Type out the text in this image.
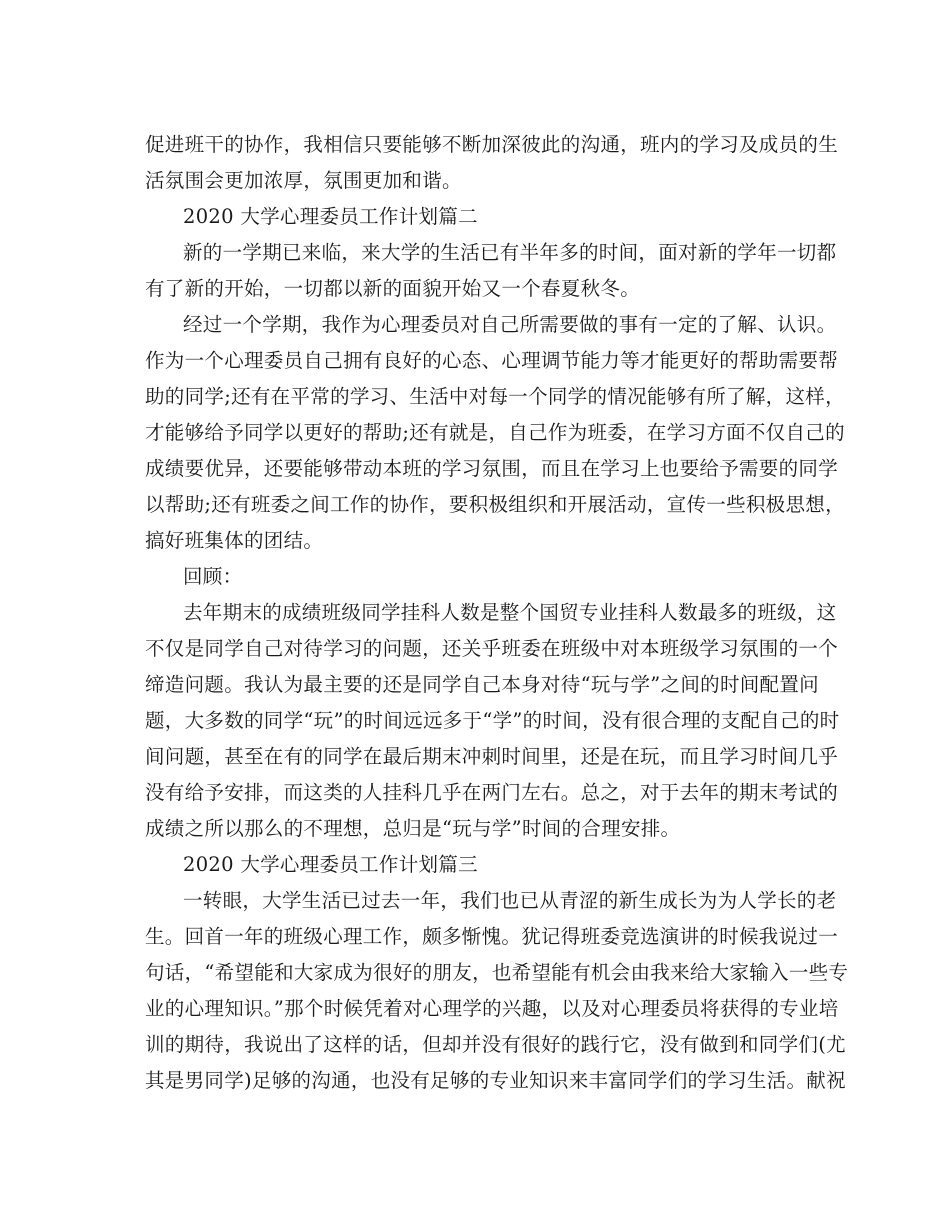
促进班干的协作，我相信只要能够不断加深彼此的沟通，班内的学习及成员的生
活氛围会更加浓厚，氛围更加和谐。
2020 大学心理委员工作计划篇二
新的一学期已来临，来大学的生活已有半年多的时间，面对新的学年一切都
有了新的开始，一切都以新的面貌开始又一个春夏秋冬。
经过一个学期，我作为心理委员对自己所需要做的事有一定的了解、认识。
作为一个心理委员自己拥有良好的心态、心理调节能力等才能更好的帮助需要帮
助的同学;还有在平常的学习、生活中对每一个同学的情况能够有所了解，这样，
才能够给予同学以更好的帮助;还有就是，自己作为班委，在学习方面不仅自己的
成绩要优异，还要能够带动本班的学习氛围，而且在学习上也要给予需要的同学
以帮助;还有班委之间工作的协作，要积极组织和开展活动，宣传一些积极思想，
搞好班集体的团结。
回顾：
去年期末的成绩班级同学挂科人数是整个国贸专业挂科人数最多的班级，这
不仅是同学自己对待学习的问题，还关乎班委在班级中对本班级学习氛围的一个
缔造问题。我认为最主要的还是同学自己本身对待“玩与学”之间的时间配置问
题，大多数的同学“玩”的时间远远多于“学”的时间，没有很合理的支配自己的时
间问题，甚至在有的同学在最后期末冲刺时间里，还是在玩，而且学习时间几乎
没有给予安排，而这类的人挂科几乎在两门左右。总之，对于去年的期末考试的
成绩之所以那么的不理想，总归是“玩与学”时间的合理安排。
2020 大学心理委员工作计划篇三
一转眼，大学生活已过去一年，我们也已从青涩的新生成长为为人学长的老
生。回首一年的班级心理工作，颇多惭愧。犹记得班委竞选演讲的时候我说过一
句话，“希望能和大家成为很好的朋友，也希望能有机会由我来给大家输入一些专
业的心理知识。”那个时候凭着对心理学的兴趣，以及对心理委员将获得的专业培
训的期待，我说出了这样的话，但却并没有很好的践行它，没有做到和同学们(尤
其是男同学)足够的沟通，也没有足够的专业知识来丰富同学们的学习生活。献祝
